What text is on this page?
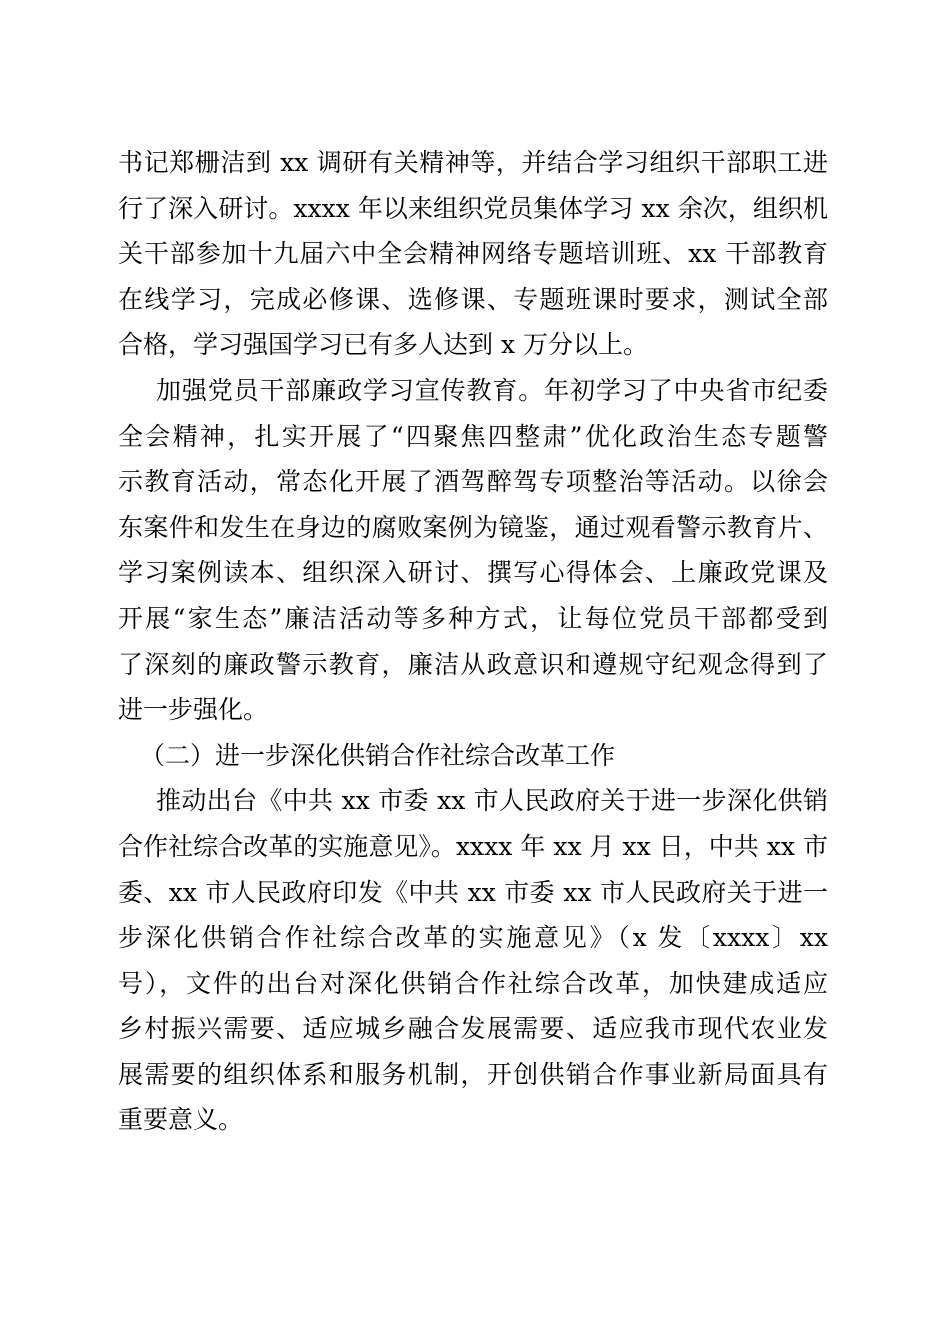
书记郑栅洁到 xx 调研有关精神等，并结合学习组织干部职工进
行了深入研讨。xxxx 年以来组织党员集体学习 xx 余次，组织机
关干部参加十九届六中全会精神网络专题培训班、xx 干部教育
在线学习，完成必修课、选修课、专题班课时要求，测试全部
合格，学习强国学习已有多人达到 x 万分以上。
加强党员干部廉政学习宣传教育。年初学习了中央省市纪委
全会精神，扎实开展了“四聚焦四整肃”优化政治生态专题警
示教育活动，常态化开展了酒驾醉驾专项整治等活动。以徐会
东案件和发生在身边的腐败案例为镜鉴，通过观看警示教育片、
学习案例读本、组织深入研讨、撰写心得体会、上廉政党课及
开展“家生态”廉洁活动等多种方式，让每位党员干部都受到
了深刻的廉政警示教育，廉洁从政意识和遵规守纪观念得到了
进一步强化。
（二）进一步深化供销合作社综合改革工作
推动出台《中共 xx 市委 xx 市人民政府关于进一步深化供销
合作社综合改革的实施意见》。xxxx 年 xx 月 xx 日，中共 xx 市
委、xx 市人民政府印发《中共 xx 市委 xx 市人民政府关于进一
步深化供销合作社综合改革的实施意见》（x 发〔xxxx〕xx
号），文件的出台对深化供销合作社综合改革，加快建成适应
乡村振兴需要、适应城乡融合发展需要、适应我市现代农业发
展需要的组织体系和服务机制，开创供销合作事业新局面具有
重要意义。
